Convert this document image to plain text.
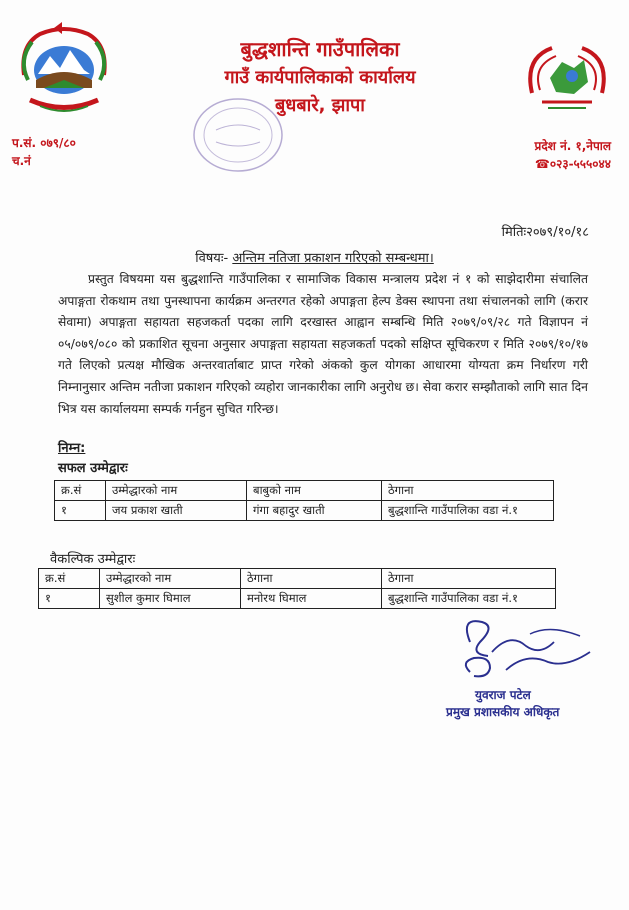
बुद्धशान्ति गाउँपालिका
गाउँ कार्यपालिकाको कार्यालय
बुधबारे, झापा
प.सं. ०७९/८०
च.नं
प्रदेश नं. १,नेपाल
☎०२३-५५५०४४
मितिः२०७९/१०/१८
विषयः- अन्तिम नतिजा प्रकाशन गरिएको सम्बन्धमा।
प्रस्तुत विषयमा यस बुद्धशान्ति गाउँपालिका र सामाजिक विकास मन्त्रालय प्रदेश नं १ को साझेदारीमा संचालित अपाङ्गता रोकथाम तथा पुनस्थापना कार्यक्रम अन्तरगत रहेको अपाङ्गता हेल्प डेक्स स्थापना तथा संचालनको लागि (करार सेवामा) अपाङ्गता सहायता सहजकर्ता पदका लागि दरखास्त आह्वान सम्बन्धि मिति २०७९/०९/२८ गते विज्ञापन नं ०५/०७९/०८० को प्रकाशित सूचना अनुसार अपाङ्गता सहायता सहजकर्ता पदको सक्षिप्त सूचिकरण र मिति २०७९/१०/१७ गते लिएको प्रत्यक्ष मौखिक अन्तरवार्ताबाट प्राप्त गरेको अंकको कुल योगका आधारमा योग्यता क्रम निर्धारण गरी निम्नानुसार अन्तिम नतीजा प्रकाशन गरिएको व्यहोरा जानकारीका लागि अनुरोध छ। सेवा करार सम्झौताको लागि सात दिन भित्र यस कार्यालयमा सम्पर्क गर्नहुन सुचित गरिन्छ।
निम्न:
सफल उम्मेद्वारः
क्र.सं	उम्मेद्धारको नाम	बाबुको नाम	ठेगाना
१	जय प्रकाश खाती	गंगा बहादुर खाती	बुद्धशान्ति गाउँपालिका वडा नं.१
वैकल्पिक उम्मेद्वारः
क्र.सं	उम्मेद्धारको नाम	ठेगाना	ठेगाना
१	सुशील कुमार घिमाल	मनोरथ घिमाल	बुद्धशान्ति गाउँपालिका वडा नं.१
युवराज पटेल
प्रमुख प्रशासकीय अधिकृत
